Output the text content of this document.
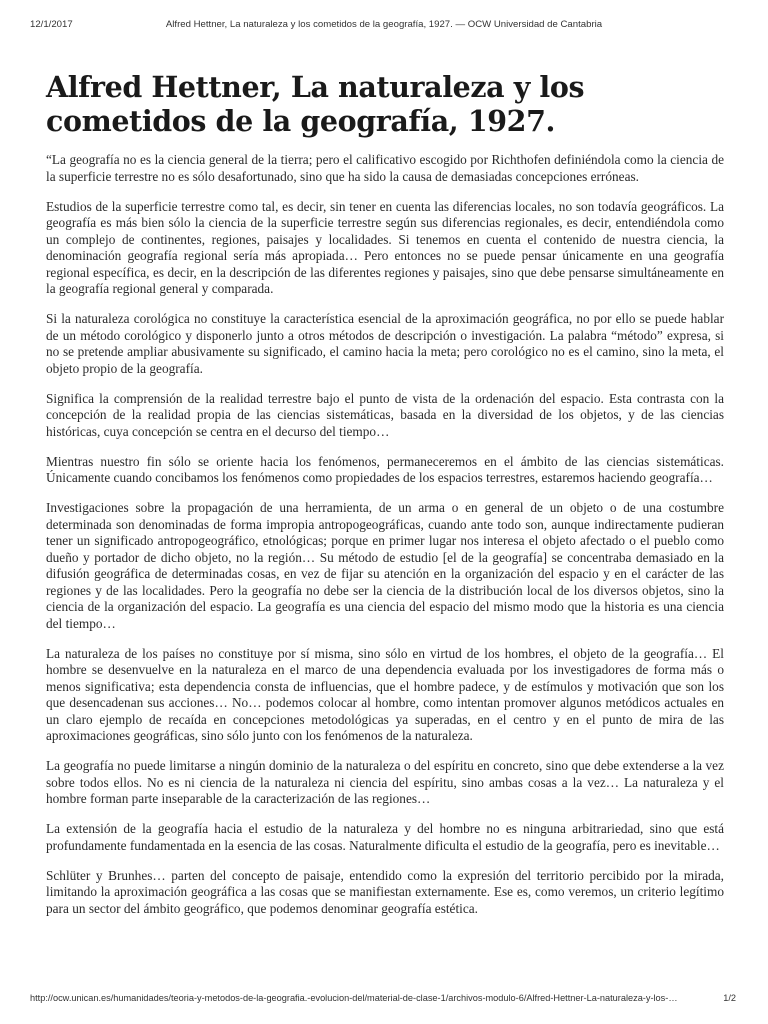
12/1/2017	Alfred Hettner, La naturaleza y los cometidos de la geografía, 1927. — OCW Universidad de Cantabria
Alfred Hettner, La naturaleza y los cometidos de la geografía, 1927.

“La geografía no es la ciencia general de la tierra; pero el calificativo escogido por Richthofen definiéndola como la ciencia de la superficie terrestre no es sólo desafortunado, sino que ha sido la causa de demasiadas concepciones erróneas.

Estudios de la superficie terrestre como tal, es decir, sin tener en cuenta las diferencias locales, no son todavía geográficos. La geografía es más bien sólo la ciencia de la superficie terrestre según sus diferencias regionales, es decir, entendiéndola como un complejo de continentes, regiones, paisajes y localidades. Si tenemos en cuenta el contenido de nuestra ciencia, la denominación geografía regional sería más apropiada… Pero entonces no se puede pensar únicamente en una geografía regional específica, es decir, en la descripción de las diferentes regiones y paisajes, sino que debe pensarse simultáneamente en la geografía regional general y comparada.

Si la naturaleza corológica no constituye la característica esencial de la aproximación geográfica, no por ello se puede hablar de un método corológico y disponerlo junto a otros métodos de descripción o investigación. La palabra “método” expresa, si no se pretende ampliar abusivamente su significado, el camino hacia la meta; pero corológico no es el camino, sino la meta, el objeto propio de la geografía.

Significa la comprensión de la realidad terrestre bajo el punto de vista de la ordenación del espacio. Esta contrasta con la concepción de la realidad propia de las ciencias sistemáticas, basada en la diversidad de los objetos, y de las ciencias históricas, cuya concepción se centra en el decurso del tiempo…

Mientras nuestro fin sólo se oriente hacia los fenómenos, permaneceremos en el ámbito de las ciencias sistemáticas. Únicamente cuando concibamos los fenómenos como propiedades de los espacios terrestres, estaremos haciendo geografía…

Investigaciones sobre la propagación de una herramienta, de un arma o en general de un objeto o de una costumbre determinada son denominadas de forma impropia antropogeográficas, cuando ante todo son, aunque indirectamente pudieran tener un significado antropogeográfico, etnológicas; porque en primer lugar nos interesa el objeto afectado o el pueblo como dueño y portador de dicho objeto, no la región… Su método de estudio [el de la geografía] se concentraba demasiado en la difusión geográfica de determinadas cosas, en vez de fijar su atención en la organización del espacio y en el carácter de las regiones y de las localidades. Pero la geografía no debe ser la ciencia de la distribución local de los diversos objetos, sino la ciencia de la organización del espacio. La geografía es una ciencia del espacio del mismo modo que la historia es una ciencia del tiempo…

La naturaleza de los países no constituye por sí misma, sino sólo en virtud de los hombres, el objeto de la geografía… El hombre se desenvuelve en la naturaleza en el marco de una dependencia evaluada por los investigadores de forma más o menos significativa; esta dependencia consta de influencias, que el hombre padece, y de estímulos y motivación que son los que desencadenan sus acciones… No… podemos colocar al hombre, como intentan promover algunos metódicos actuales en un claro ejemplo de recaída en concepciones metodológicas ya superadas, en el centro y en el punto de mira de las aproximaciones geográficas, sino sólo junto con los fenómenos de la naturaleza.

La geografía no puede limitarse a ningún dominio de la naturaleza o del espíritu en concreto, sino que debe extenderse a la vez sobre todos ellos. No es ni ciencia de la naturaleza ni ciencia del espíritu, sino ambas cosas a la vez… La naturaleza y el hombre forman parte inseparable de la caracterización de las regiones…

La extensión de la geografía hacia el estudio de la naturaleza y del hombre no es ninguna arbitrariedad, sino que está profundamente fundamentada en la esencia de las cosas. Naturalmente dificulta el estudio de la geografía, pero es inevitable…

Schlüter y Brunhes… parten del concepto de paisaje, entendido como la expresión del territorio percibido por la mirada, limitando la aproximación geográfica a las cosas que se manifiestan externamente. Ese es, como veremos, un criterio legítimo para un sector del ámbito geográfico, que podemos denominar geografía estética.

http://ocw.unican.es/humanidades/teoria-y-metodos-de-la-geografia.-evolucion-del/material-de-clase-1/archivos-modulo-6/Alfred-Hettner-La-naturaleza-y-los-…	1/2
